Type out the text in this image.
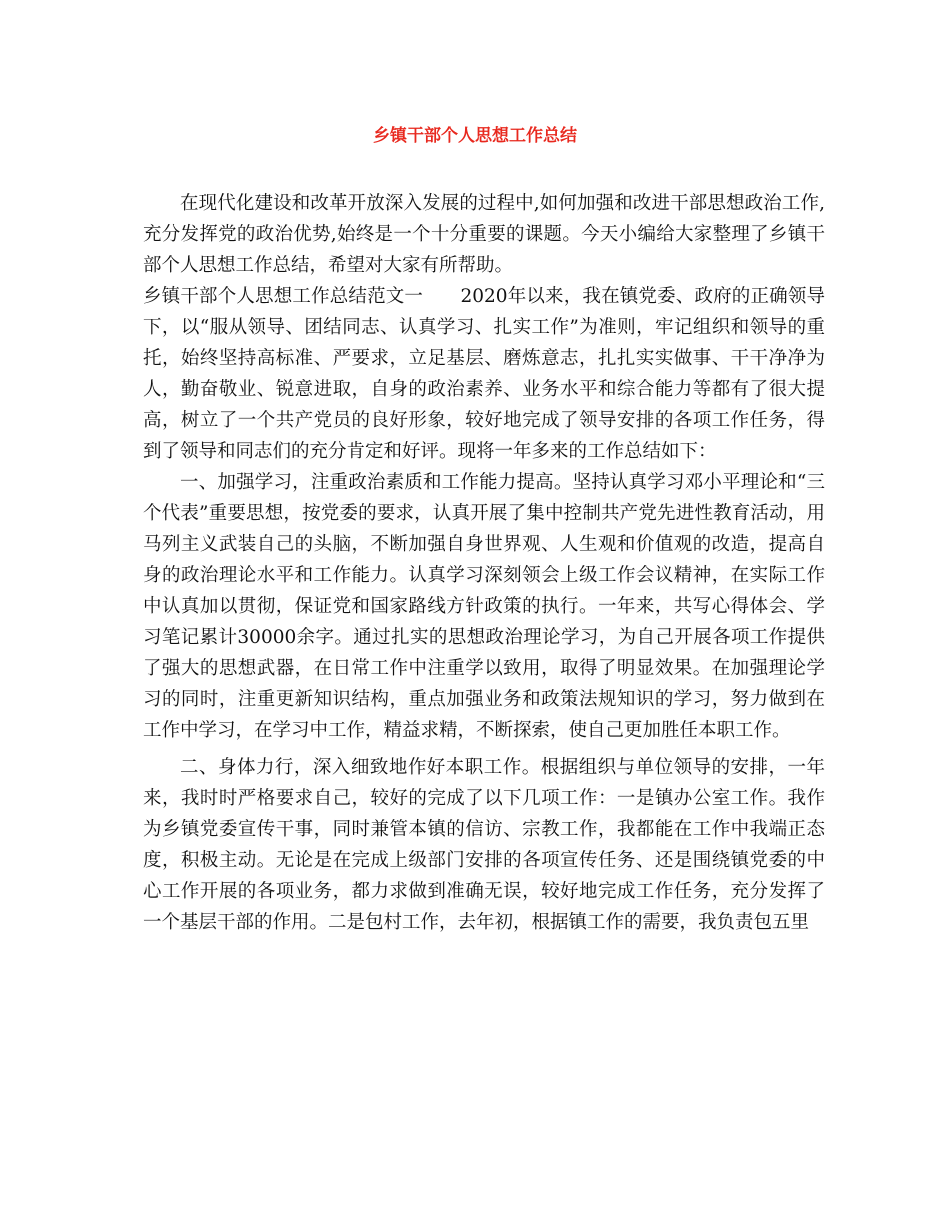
乡镇干部个人思想工作总结

在现代化建设和改革开放深入发展的过程中,如何加强和改进干部思想政治工作,充分发挥党的政治优势,始终是一个十分重要的课题。今天小编给大家整理了乡镇干部个人思想工作总结，希望对大家有所帮助。

乡镇干部个人思想工作总结范文一　　2020年以来，我在镇党委、政府的正确领导下，以“服从领导、团结同志、认真学习、扎实工作”为准则，牢记组织和领导的重托，始终坚持高标准、严要求，立足基层、磨炼意志，扎扎实实做事、干干净净为人，勤奋敬业、锐意进取，自身的政治素养、业务水平和综合能力等都有了很大提高，树立了一个共产党员的良好形象，较好地完成了领导安排的各项工作任务，得到了领导和同志们的充分肯定和好评。现将一年多来的工作总结如下：

一、加强学习，注重政治素质和工作能力提高。坚持认真学习邓小平理论和“三个代表”重要思想，按党委的要求，认真开展了集中控制共产党先进性教育活动，用马列主义武装自己的头脑，不断加强自身世界观、人生观和价值观的改造，提高自身的政治理论水平和工作能力。认真学习深刻领会上级工作会议精神，在实际工作中认真加以贯彻，保证党和国家路线方针政策的执行。一年来，共写心得体会、学习笔记累计30000余字。通过扎实的思想政治理论学习，为自己开展各项工作提供了强大的思想武器，在日常工作中注重学以致用，取得了明显效果。在加强理论学习的同时，注重更新知识结构，重点加强业务和政策法规知识的学习，努力做到在工作中学习，在学习中工作，精益求精，不断探索，使自己更加胜任本职工作。

二、身体力行，深入细致地作好本职工作。根据组织与单位领导的安排，一年来，我时时严格要求自己，较好的完成了以下几项工作：一是镇办公室工作。我作为乡镇党委宣传干事，同时兼管本镇的信访、宗教工作，我都能在工作中我端正态度，积极主动。无论是在完成上级部门安排的各项宣传任务、还是围绕镇党委的中心工作开展的各项业务，都力求做到准确无误，较好地完成工作任务，充分发挥了一个基层干部的作用。二是包村工作，去年初，根据镇工作的需要，我负责包五里
